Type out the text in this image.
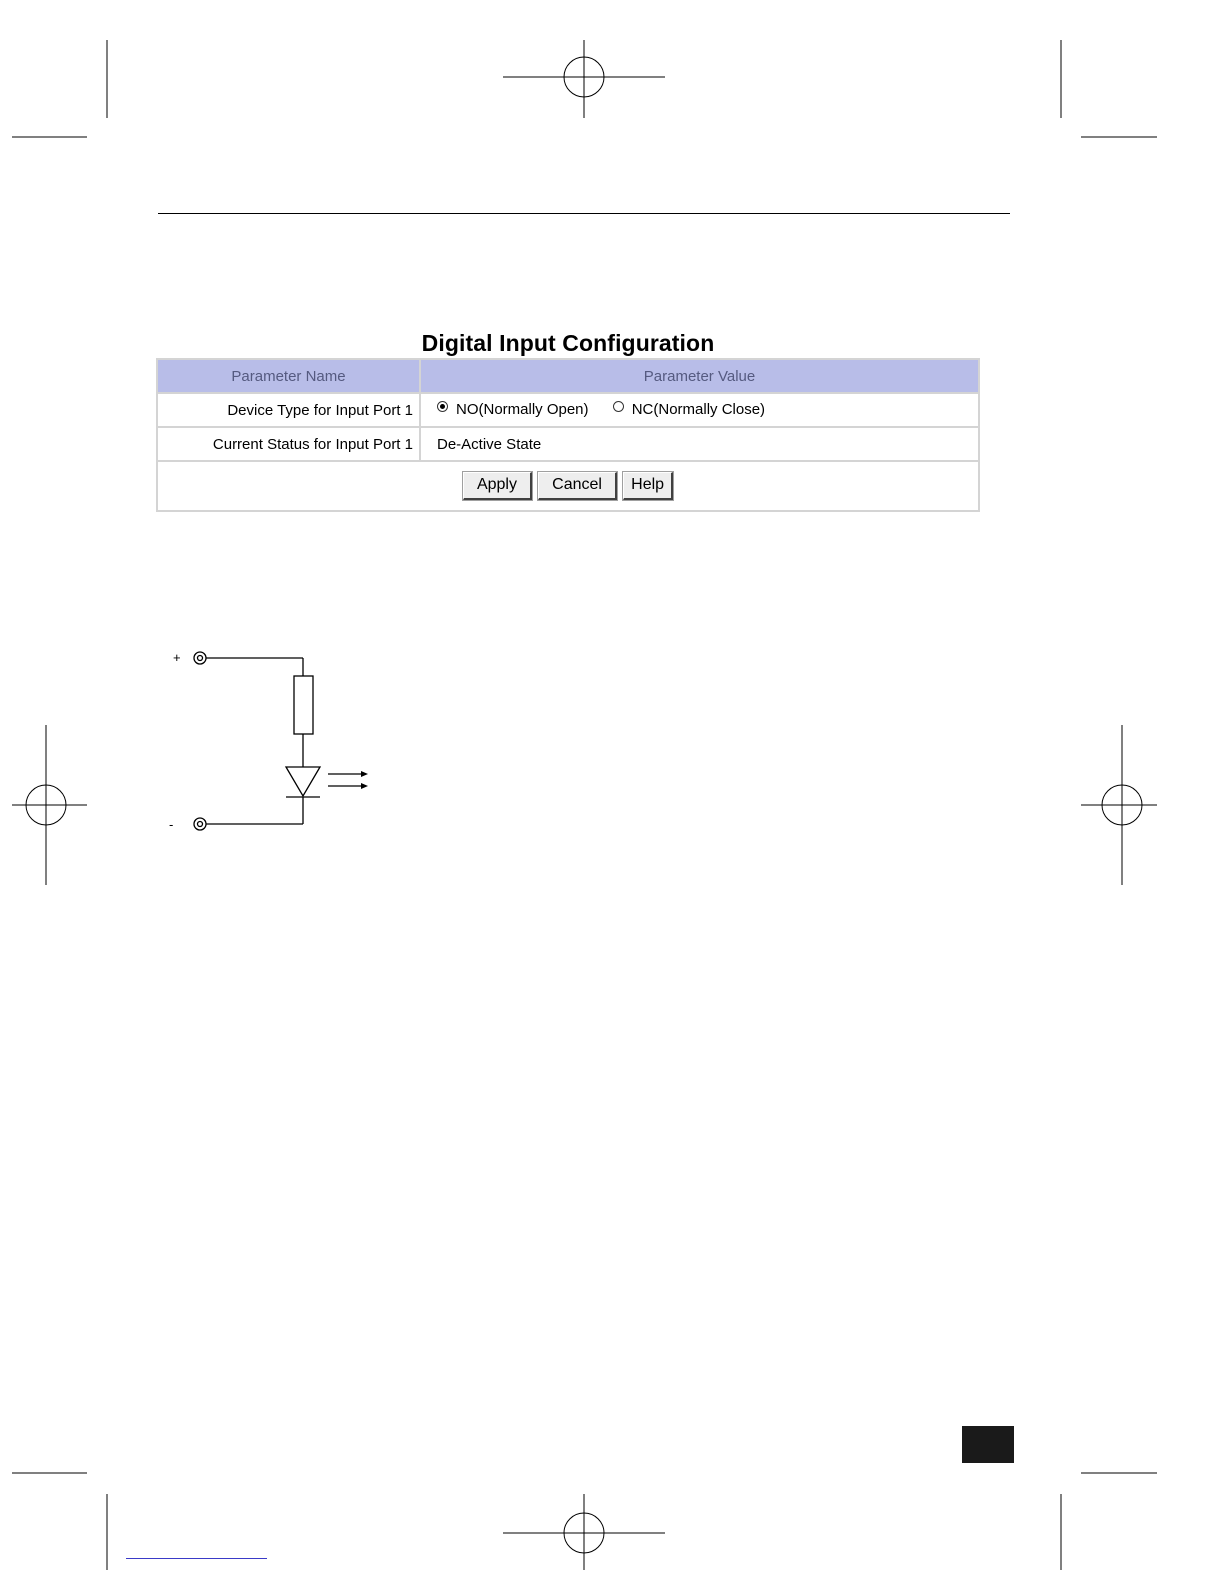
Digital Input Configuration
Parameter Name	Parameter Value
Device Type for Input Port 1	NO(Normally Open)
NC(Normally Close)

Current Status for Input Port 1	De-Active State
Apply Cancel Help	
+
-
